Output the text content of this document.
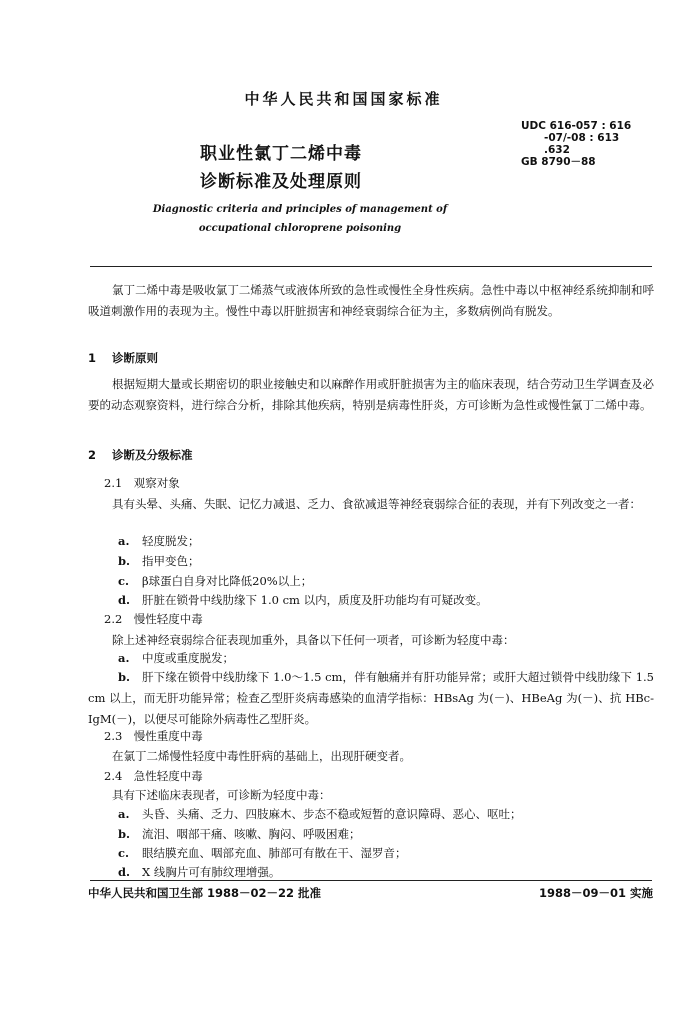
中华人民共和国国家标准
UDC 616-057 : 616
-07/-08 : 613
.632
GB 8790－88
职业性氯丁二烯中毒
诊断标准及处理原则
Diagnostic criteria and principles of management of
occupational chloroprene poisoning
氯丁二烯中毒是吸收氯丁二烯蒸气或液体所致的急性或慢性全身性疾病。急性中毒以中枢神经系统抑制和呼吸道刺激作用的表现为主。慢性中毒以肝脏损害和神经衰弱综合征为主，多数病例尚有脱发。
1 诊断原则
根据短期大量或长期密切的职业接触史和以麻醉作用或肝脏损害为主的临床表现，结合劳动卫生学调查及必要的动态观察资料，进行综合分析，排除其他疾病，特别是病毒性肝炎，方可诊断为急性或慢性氯丁二烯中毒。
2 诊断及分级标准
2.1　观察对象
具有头晕、头痛、失眠、记忆力减退、乏力、食欲减退等神经衰弱综合征的表现，并有下列改变之一者：
a. 轻度脱发；
b. 指甲变色；
c. β球蛋白自身对比降低20%以上；
d. 肝脏在锁骨中线肋缘下 1.0 cm 以内，质度及肝功能均有可疑改变。
2.2　慢性轻度中毒
除上述神经衰弱综合征表现加重外，具备以下任何一项者，可诊断为轻度中毒：
a. 中度或重度脱发；
b. 肝下缘在锁骨中线肋缘下 1.0～1.5 cm，伴有触痛并有肝功能异常；或肝大超过锁骨中线肋缘下 1.5 cm 以上，而无肝功能异常；检查乙型肝炎病毒感染的血清学指标：HBsAg 为(－)、HBeAg 为(－)、抗 HBc-IgM(－)，以便尽可能除外病毒性乙型肝炎。
2.3　慢性重度中毒
在氯丁二烯慢性轻度中毒性肝病的基础上，出现肝硬变者。
2.4　急性轻度中毒
具有下述临床表现者，可诊断为轻度中毒：
a. 头昏、头痛、乏力、四肢麻木、步态不稳或短暂的意识障碍、恶心、呕吐；
b. 流泪、咽部干痛、咳嗽、胸闷、呼吸困难；
c. 眼结膜充血、咽部充血、肺部可有散在干、湿罗音；
d. X 线胸片可有肺纹理增强。
中华人民共和国卫生部 1988－02－22 批准	1988－09－01 实施
